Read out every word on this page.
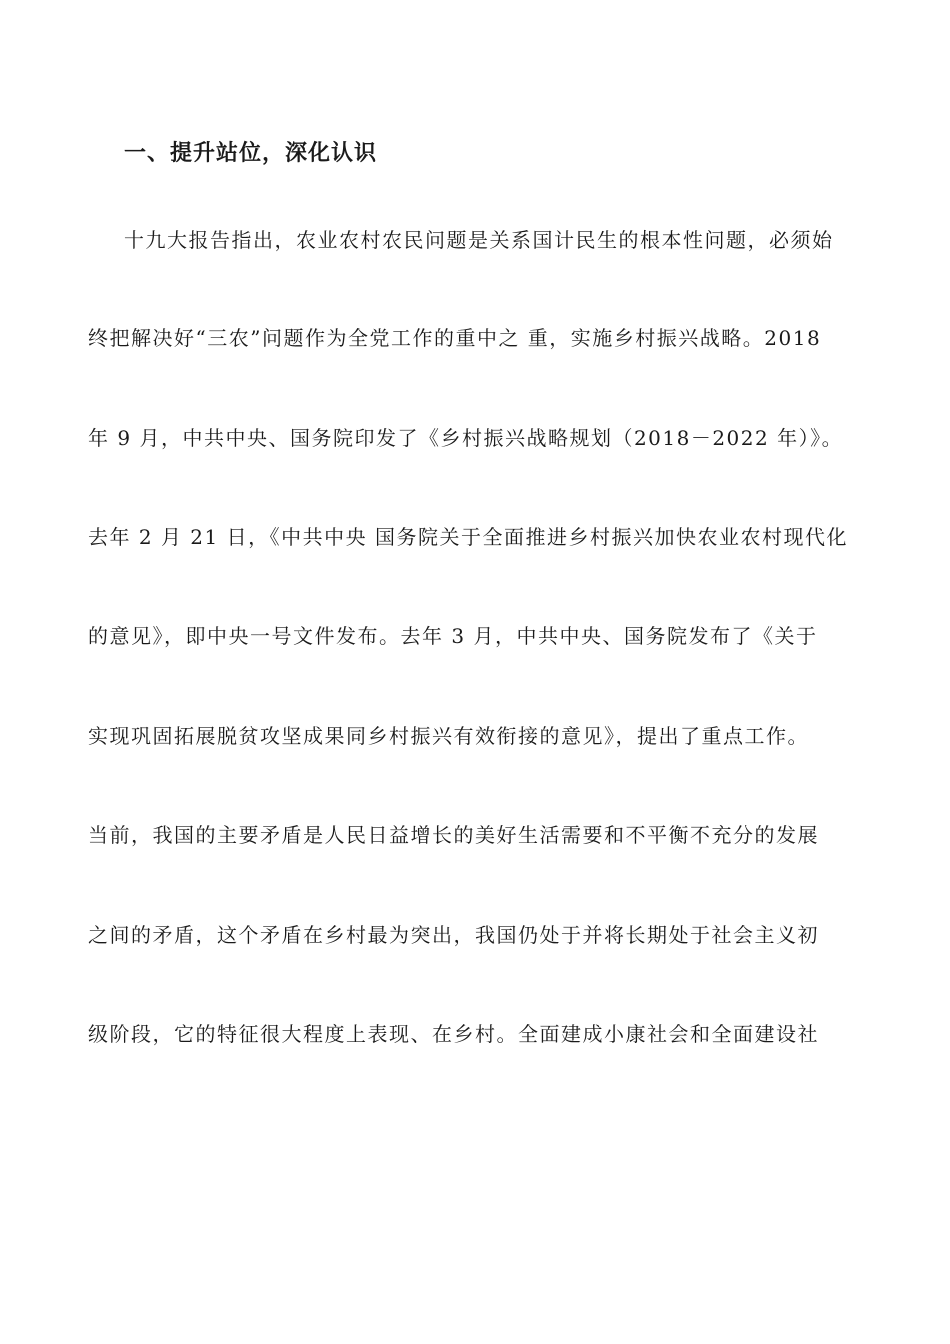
一、提升站位，深化认识
十九大报告指出，农业农村农民问题是关系国计民生的根本性问题，必须始
终把解决好“三农”问题作为全党工作的重中之 重，实施乡村振兴战略。2018
年 9 月，中共中央、国务院印发了《乡村振兴战略规划（2018－2022 年）》。
去年 2 月 21 日，《中共中央 国务院关于全面推进乡村振兴加快农业农村现代化
的意见》，即中央一号文件发布。去年 3 月，中共中央、国务院发布了《关于
实现巩固拓展脱贫攻坚成果同乡村振兴有效衔接的意见》，提出了重点工作。
当前，我国的主要矛盾是人民日益增长的美好生活需要和不平衡不充分的发展
之间的矛盾，这个矛盾在乡村最为突出，我国仍处于并将长期处于社会主义初
级阶段，它的特征很大程度上表现、在乡村。全面建成小康社会和全面建设社
